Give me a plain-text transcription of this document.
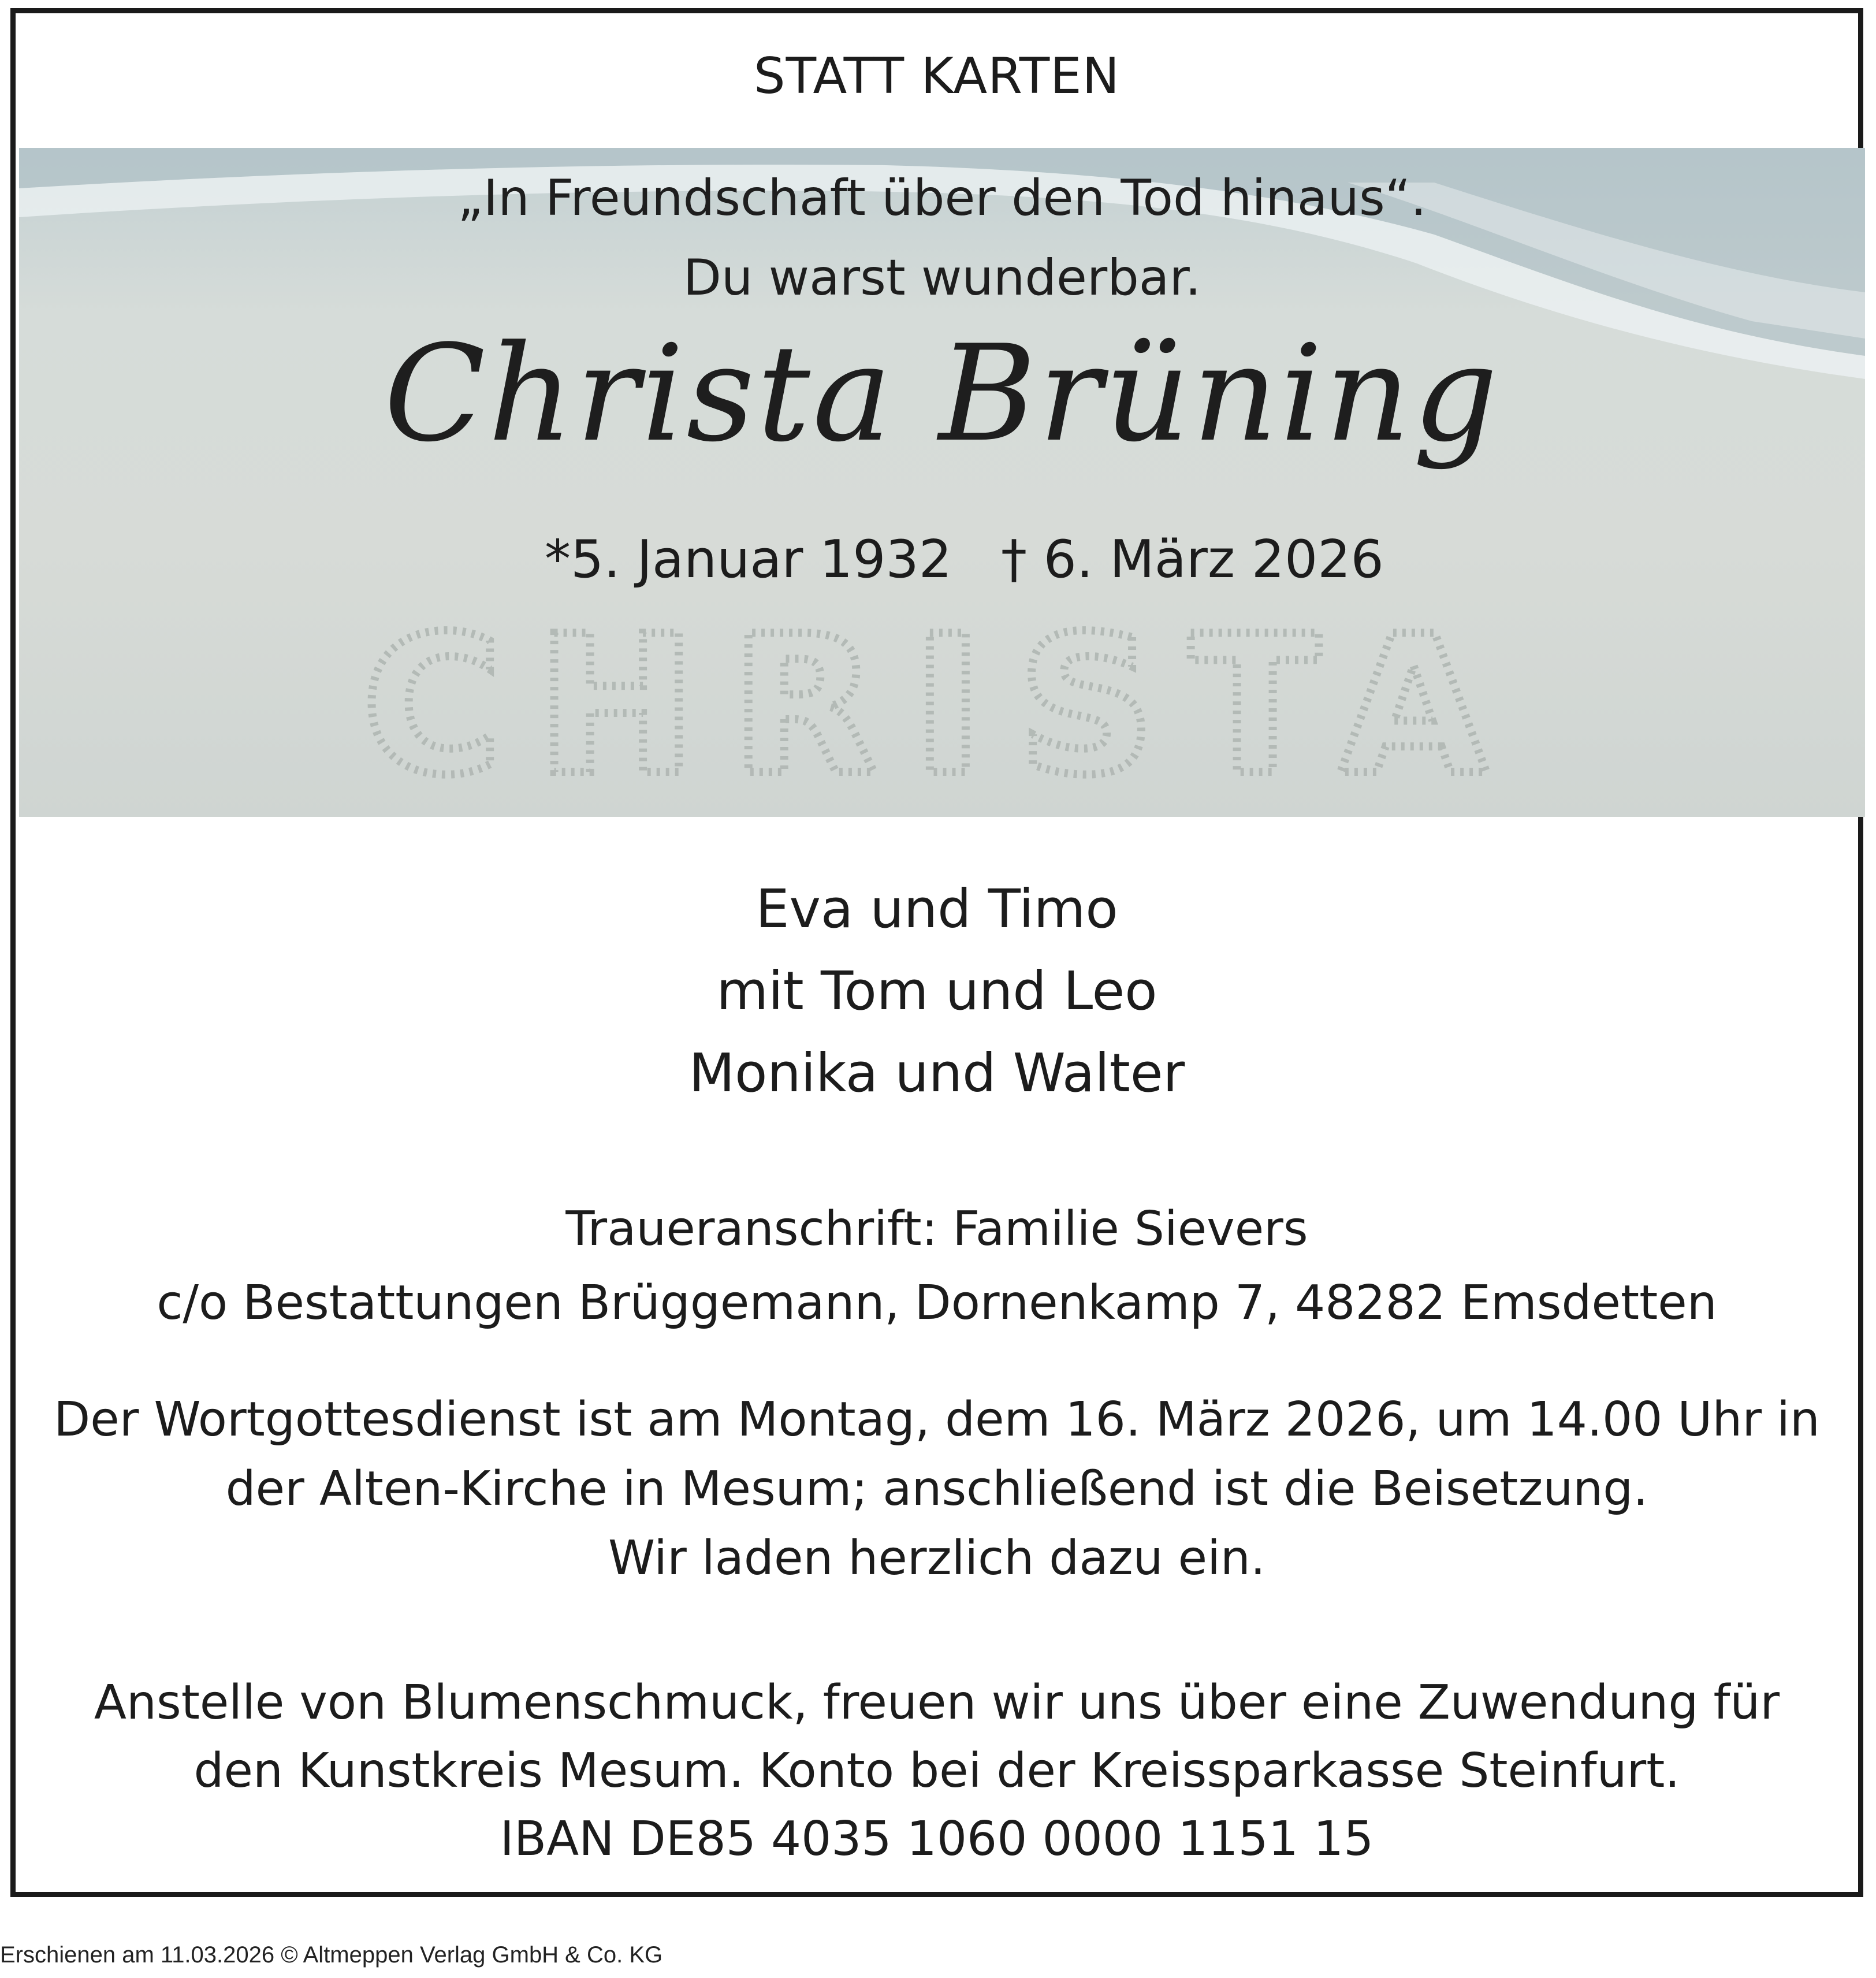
STATT KARTEN
CHRISTA
„In Freundschaft über den Tod hinaus“.
Du warst wunderbar.
Christa Brüning
*5. Januar 1932 † 6. März 2026
Eva und Timo
mit Tom und Leo
Monika und Walter
Traueranschrift: Familie Sievers
c/o Bestattungen Brüggemann, Dornenkamp 7, 48282 Emsdetten
Der Wortgottesdienst ist am Montag, dem 16. März 2026, um 14.00 Uhr in
der Alten-Kirche in Mesum; anschließend ist die Beisetzung.
Wir laden herzlich dazu ein.
Anstelle von Blumenschmuck, freuen wir uns über eine Zuwendung für
den Kunstkreis Mesum. Konto bei der Kreissparkasse Steinfurt.
IBAN DE85 4035 1060 0000 1151 15
Erschienen am 11.03.2026 © Altmeppen Verlag GmbH & Co. KG
